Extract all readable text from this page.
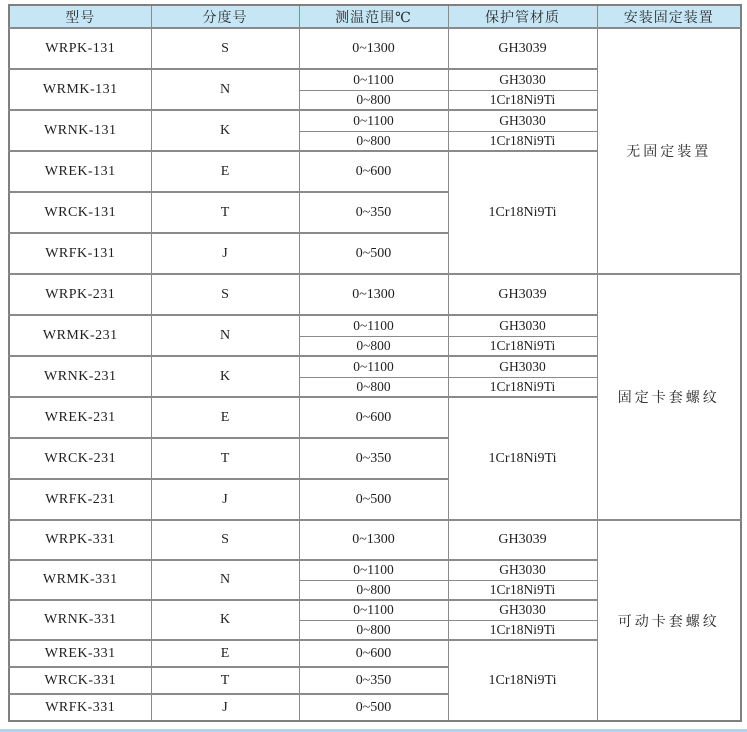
型号	分度号	测温范围℃	保护管材质	安装固定装置
WRPK-131	S	0~1300	GH3039	无固定装置
WRMK-131	N	0~1100	GH3030	
		0~800	1Cr18Ni9Ti	
WRNK-131	K	0~1100	GH3030	
		0~800	1Cr18Ni9Ti	
WREK-131	E	0~600	1Cr18Ni9Ti	
WRCK-131	T	0~350		
WRFK-131	J	0~500		
WRPK-231	S	0~1300	GH3039	固定卡套螺纹
WRMK-231	N	0~1100	GH3030	
		0~800	1Cr18Ni9Ti	
WRNK-231	K	0~1100	GH3030	
		0~800	1Cr18Ni9Ti	
WREK-231	E	0~600	1Cr18Ni9Ti	
WRCK-231	T	0~350		
WRFK-231	J	0~500		
WRPK-331	S	0~1300	GH3039	可动卡套螺纹
WRMK-331	N	0~1100	GH3030	
		0~800	1Cr18Ni9Ti	
WRNK-331	K	0~1100	GH3030	
		0~800	1Cr18Ni9Ti	
WREK-331	E	0~600	1Cr18Ni9Ti	
WRCK-331	T	0~350		
WRFK-331	J	0~500		
